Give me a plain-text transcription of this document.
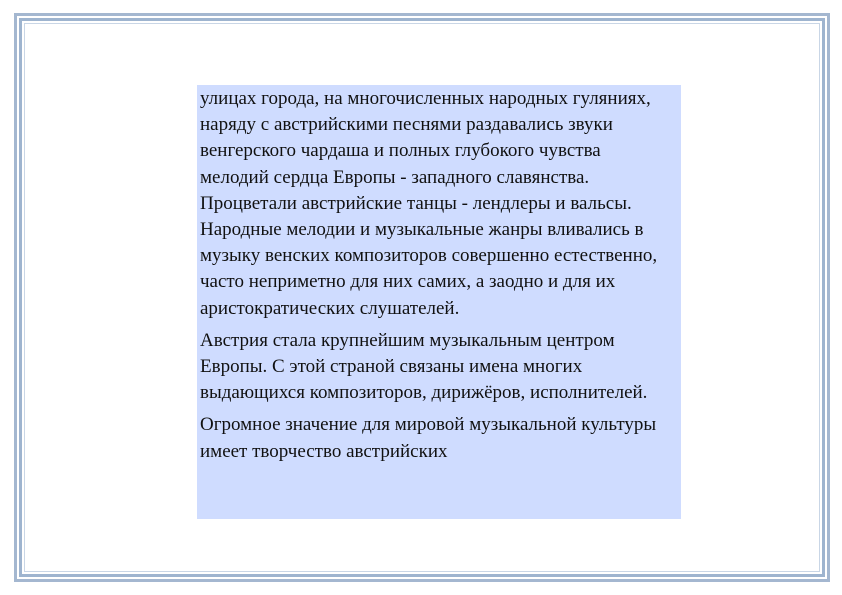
улицах города, на многочисленных народных гуляниях, наряду с австрийскими песнями раздавались звуки венгерского чардаша и полных глубокого чувства мелодий сердца Европы - западного славянства. Процветали австрийские танцы - лендлеры и вальсы. Народные мелодии и музыкальные жанры вливались в музыку венских композиторов совершенно естественно, часто неприметно для них самих, а заодно и для их аристократических слушателей.

Австрия стала крупнейшим музыкальным центром Европы. С этой страной связаны имена многих выдающихся композиторов, дирижёров, исполнителей.

Огромное значение для мировой музыкальной культуры имеет творчество австрийских
